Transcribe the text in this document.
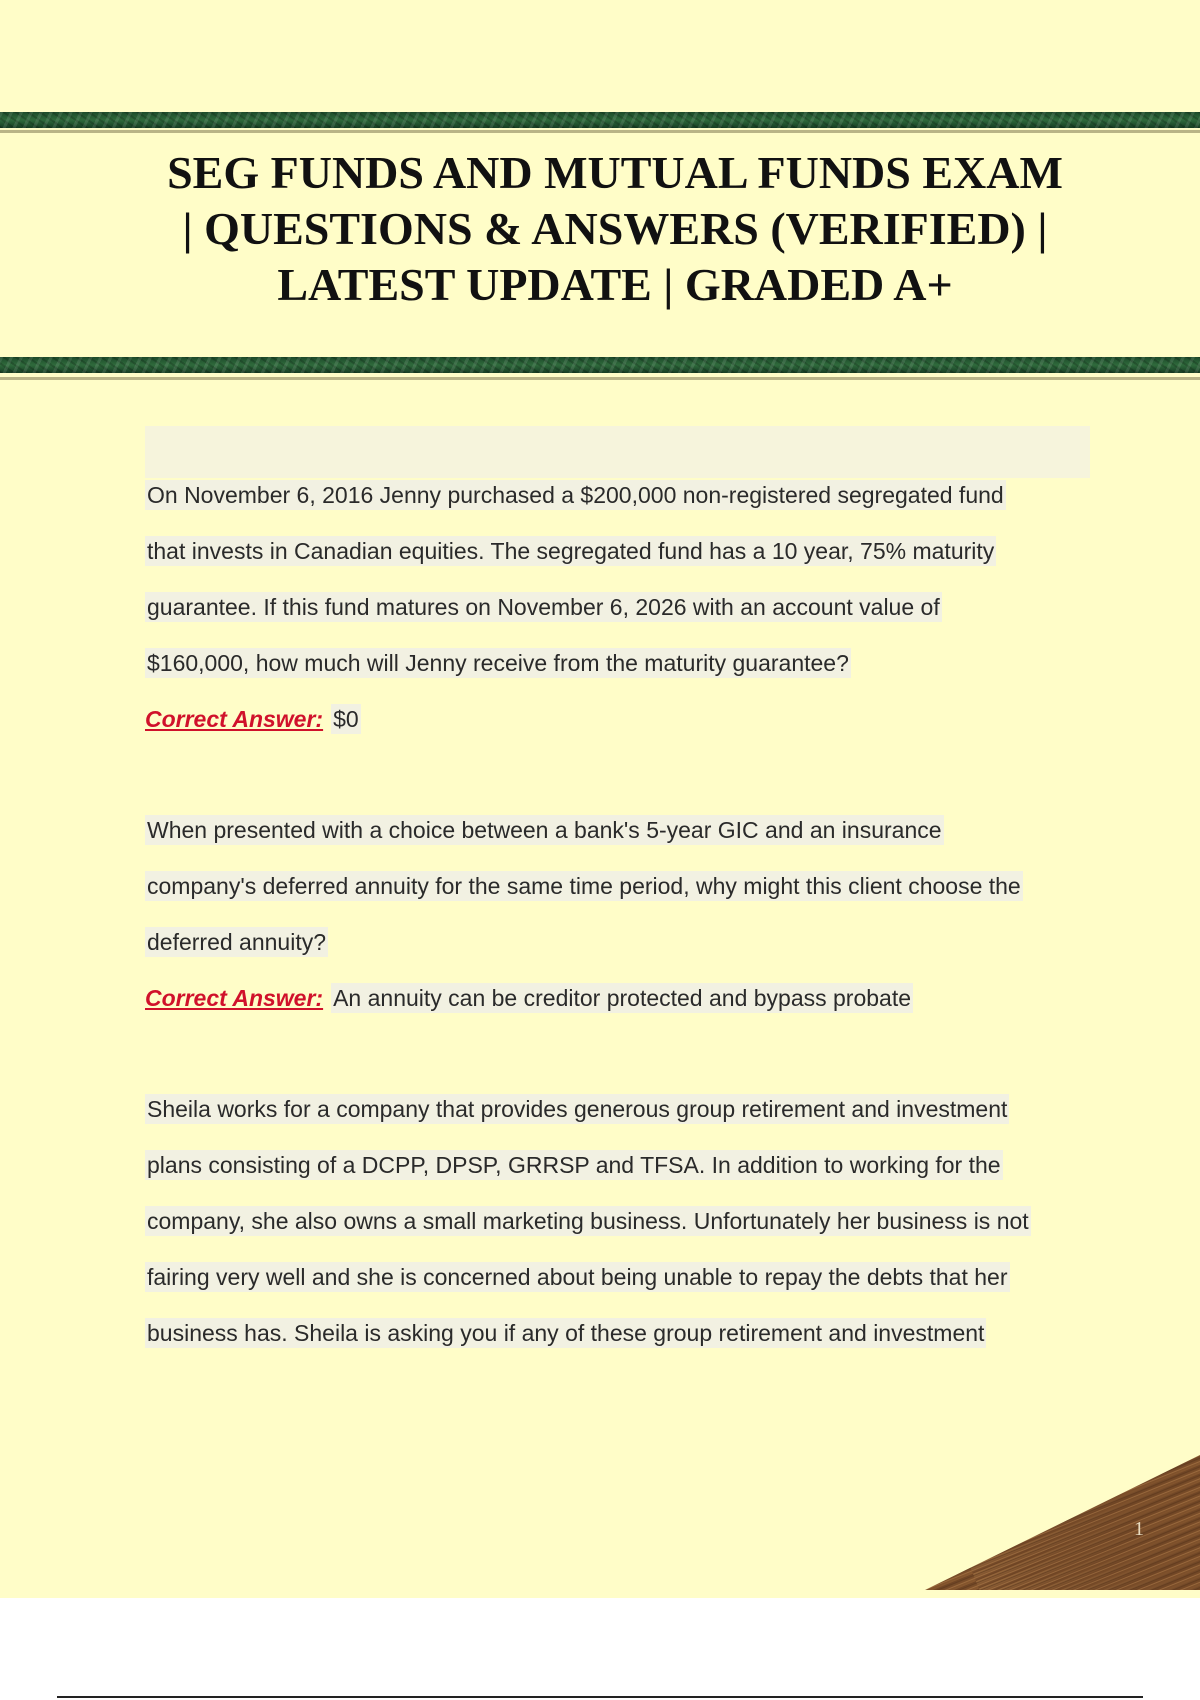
SEG FUNDS AND MUTUAL FUNDS EXAM
| QUESTIONS & ANSWERS (VERIFIED) |
LATEST UPDATE | GRADED A+
On November 6, 2016 Jenny purchased a $200,000 non-registered segregated fund
that invests in Canadian equities. The segregated fund has a 10 year, 75% maturity
guarantee. If this fund matures on November 6, 2026 with an account value of
$160,000, how much will Jenny receive from the maturity guarantee?
Correct Answer: $0
When presented with a choice between a bank's 5-year GIC and an insurance
company's deferred annuity for the same time period, why might this client choose the
deferred annuity?
Correct Answer: An annuity can be creditor protected and bypass probate
Sheila works for a company that provides generous group retirement and investment
plans consisting of a DCPP, DPSP, GRRSP and TFSA. In addition to working for the
company, she also owns a small marketing business. Unfortunately her business is not
fairing very well and she is concerned about being unable to repay the debts that her
business has. Sheila is asking you if any of these group retirement and investment
1
